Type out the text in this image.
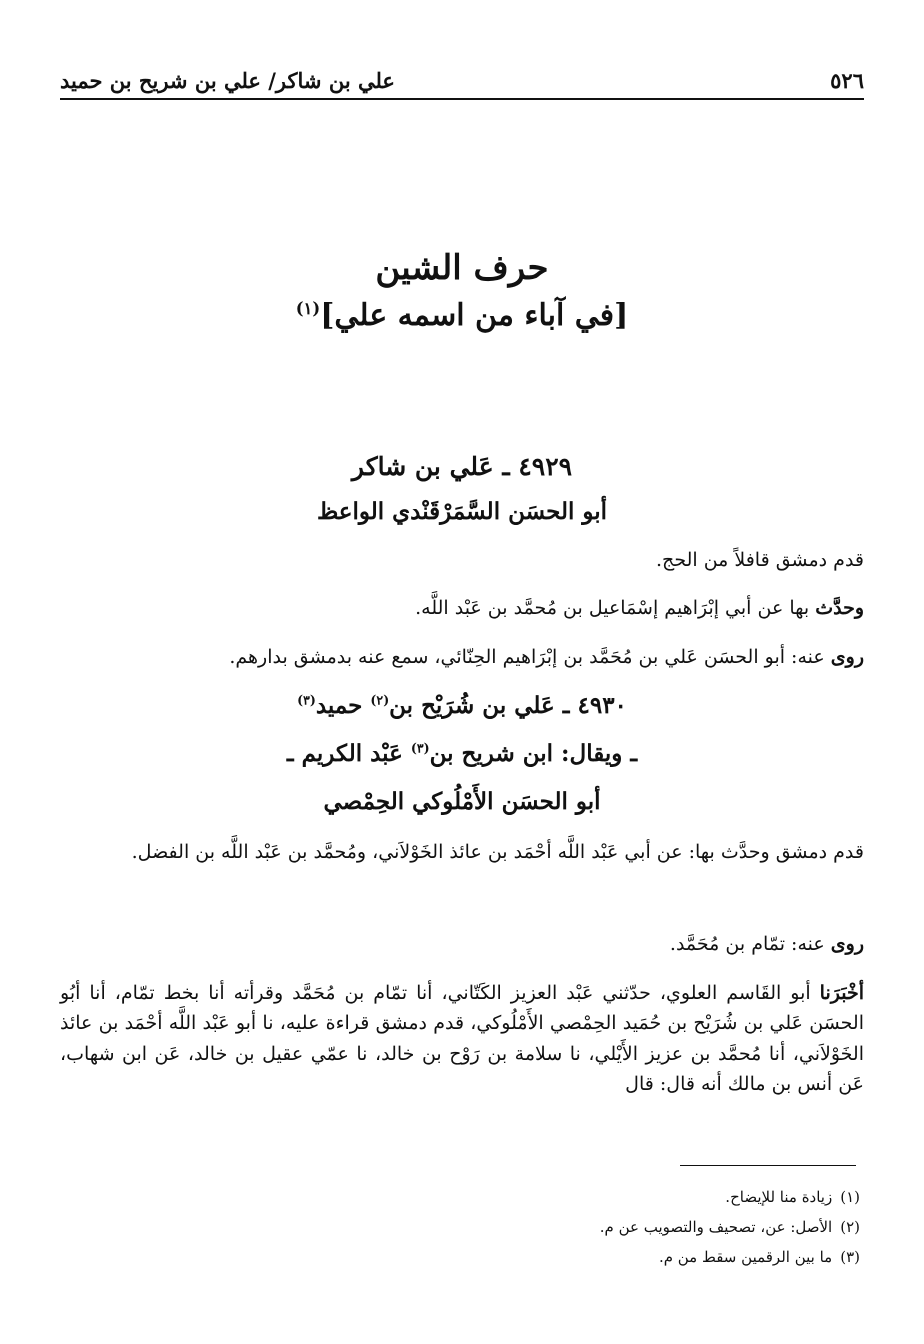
٥٢٦
علي بن شاكر/ علي بن شريح بن حميد
حرف الشين
[في آباء من اسمه علي]$^{(١)}$
٤٩٢٩ ـ عَلي بن شاكر
أبو الحسَن السَّمَرْقَنْدي الواعظ
قدم دمشق قافلاً من الحج.
وحدَّث بها عن أبي إبْرَاهيم إسْمَاعيل بن مُحمَّد بن عَبْد اللَّه.
روى عنه: أبو الحسَن عَلي بن مُحَمَّد بن إبْرَاهيم الحِنّائي، سمع عنه بدمشق بدارهم.
٤٩٣٠ ـ عَلي بن شُرَيْح بن$^{(٢)}$ حميد$^{(٣)}$
ـ ويقال: ابن شريح بن$^{(٣)}$ عَبْد الكريم ـ
أبو الحسَن الأَمْلُوكي الحِمْصي
قدم دمشق وحدَّث بها: عن أبي عَبْد اللَّه أحْمَد بن عائذ الخَوْلاَني، ومُحمَّد بن عَبْد اللَّه بن الفضل.
روى عنه: تمّام بن مُحَمَّد.
أخْبَرَنا أبو القَاسم العلوي، حدّثني عَبْد العزيز الكَتّاني، أنا تمّام بن مُحَمَّد وقرأته أنا بخط تمّام، أنا أبُو الحسَن عَلي بن شُرَيْح بن حُمَيد الحِمْصي الأَمْلُوكي، قدم دمشق قراءة عليه، نا أبو عَبْد اللَّه أحْمَد بن عائذ الخَوْلاَني، أنا مُحمَّد بن عزيز الأَيْلي، نا سلامة بن رَوْح بن خالد، نا عمّي عقيل بن خالد، عَن ابن شهاب، عَن أنس بن مالك أنه قال: قال
(١)زيادة منا للإيضاح.
(٢)الأصل: عن، تصحيف والتصويب عن م.
(٣)ما بين الرقمين سقط من م.
